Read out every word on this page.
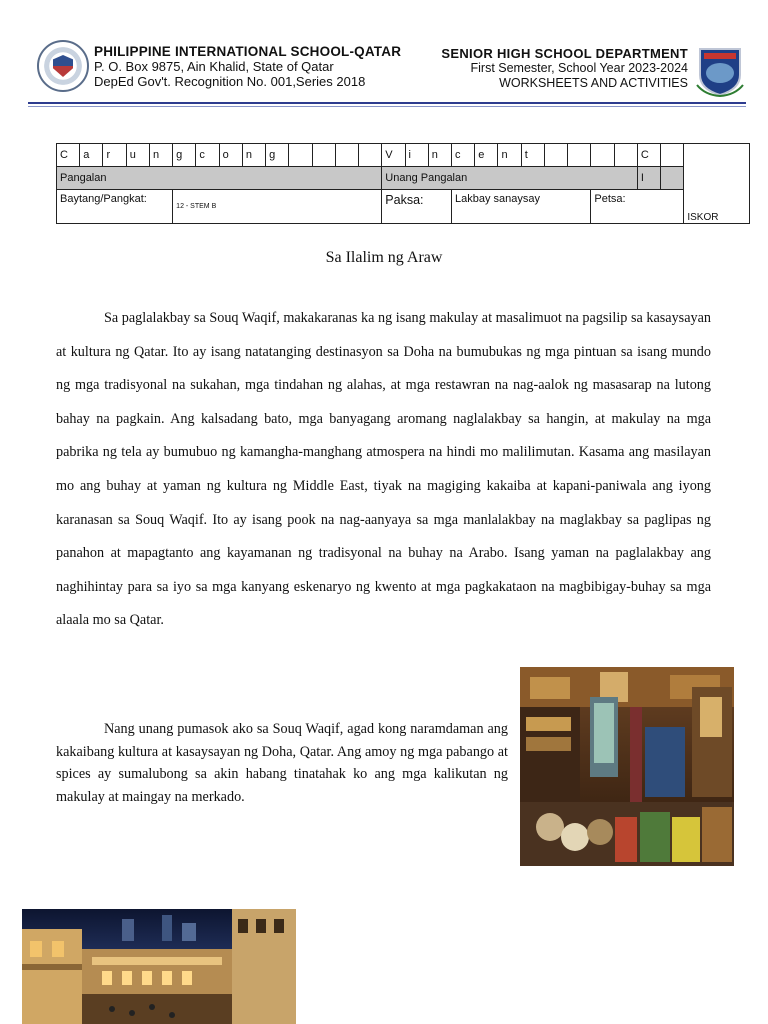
PHILIPPINE INTERNATIONAL SCHOOL-QATAR
P. O. Box 9875, Ain Khalid, State of Qatar
DepEd Gov't. Recognition No. 001,Series 2018
SENIOR HIGH SCHOOL DEPARTMENT
First Semester, School Year 2023-2024
WORKSHEETS AND ACTIVITIES
C	a	r	u	n	g	c	o	n	g					V	i	n	c	e	n	t					C		ISKOR
Pangalan														Unang Pangalan											I		
Baytang/Pangkat:					12 - STEM B									Paksa:			Lakbay sanaysay						Petsa:				
Sa Ilalim ng Araw

Sa paglalakbay sa Souq Waqif, makakaranas ka ng isang makulay at masalimuot na pagsilip sa kasaysayan at kultura ng Qatar. Ito ay isang natatanging destinasyon sa Doha na bumubukas ng mga pintuan sa isang mundo ng mga tradisyonal na sukahan, mga tindahan ng alahas, at mga restawran na nag-aalok ng masasarap na lutong bahay na pagkain. Ang kalsadang bato, mga banyagang aromang naglalakbay sa hangin, at makulay na mga pabrika ng tela ay bumubuo ng kamangha-manghang atmospera na hindi mo malilimutan. Kasama ang masilayan mo ang buhay at yaman ng kultura ng Middle East, tiyak na magiging kakaiba at kapani-paniwala ang iyong karanasan sa Souq Waqif. Ito ay isang pook na nag-aanyaya sa mga manlalakbay na maglakbay sa paglipas ng panahon at mapagtanto ang kayamanan ng tradisyonal na buhay na Arabo. Isang yaman na paglalakbay ang naghihintay para sa iyo sa mga kanyang eskenaryo ng kwento at mga pagkakataon na magbibigay-buhay sa mga alaala mo sa Qatar.

Nang unang pumasok ako sa Souq Waqif, agad kong naramdaman ang kakaibang kultura at kasaysayan ng Doha, Qatar. Ang amoy ng mga pabango at spices ay sumalubong sa akin habang tinatahak ko ang mga kalikutan ng makulay at maingay na merkado.
